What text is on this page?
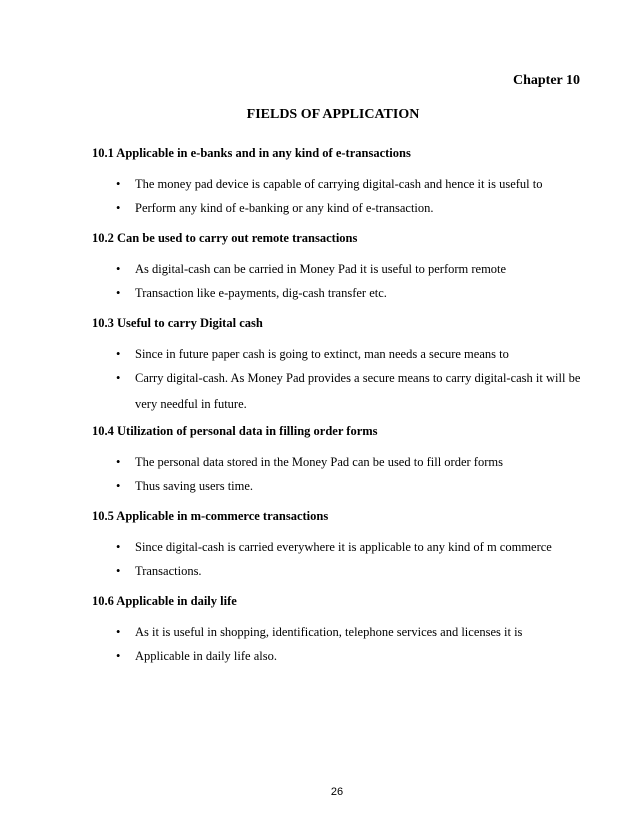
Chapter 10
FIELDS OF APPLICATION
10.1 Applicable in e-banks and in any kind of e-transactions
• The money pad device is capable of carrying digital-cash and hence it is useful to
• Perform any kind of e-banking or any kind of e-transaction.
10.2 Can be used to carry out remote transactions
• As digital-cash can be carried in Money Pad it is useful to perform remote
• Transaction like e-payments, dig-cash transfer etc.
10.3 Useful to carry Digital cash
• Since in future paper cash is going to extinct, man needs a secure means to
• Carry digital-cash. As Money Pad provides a secure means to carry digital-cash it will be very needful in future.
10.4 Utilization of personal data in filling order forms
• The personal data stored in the Money Pad can be used to fill order forms
• Thus saving users time.
10.5 Applicable in m-commerce transactions
• Since digital-cash is carried everywhere it is applicable to any kind of m commerce
• Transactions.
10.6 Applicable in daily life
• As it is useful in shopping, identification, telephone services and licenses it is
• Applicable in daily life also.
26
